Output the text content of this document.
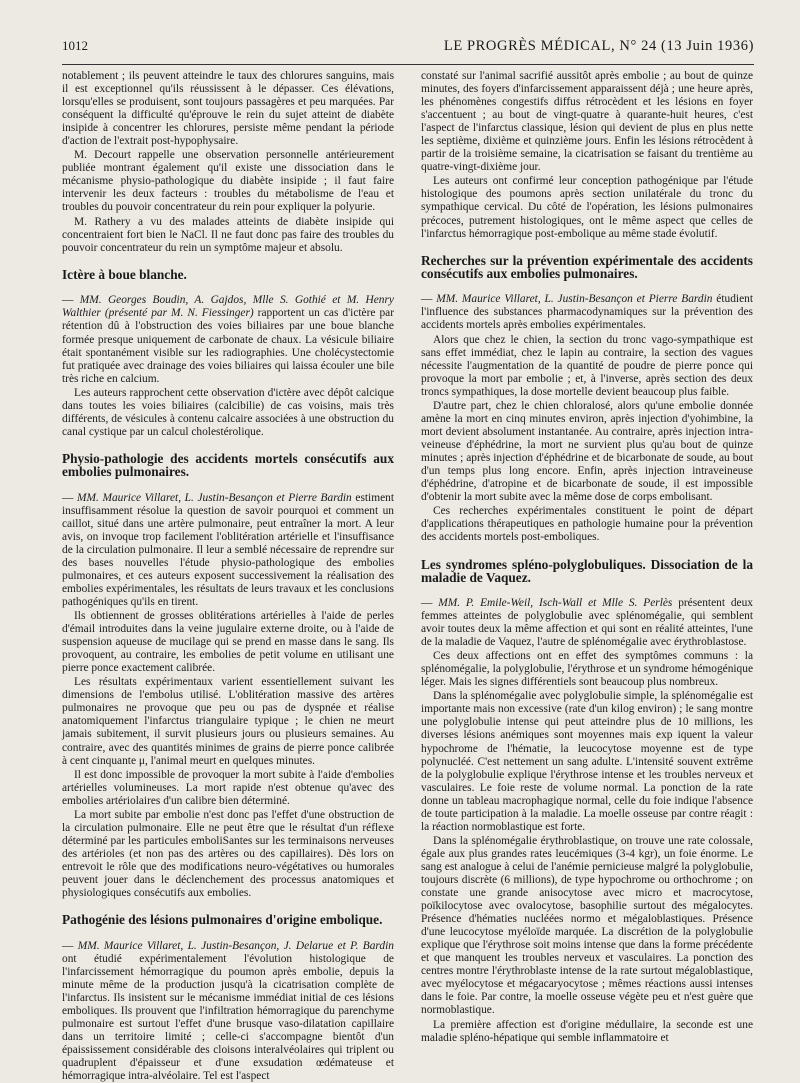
1012	LE PROGRÈS MÉDICAL, N° 24 (13 Juin 1936)

notablement ; ils peuvent atteindre le taux des chlorures sanguins, mais il est exceptionnel qu'ils réussissent à le dépasser. Ces élévations, lorsqu'elles se produisent, sont toujours passagères et peu marquées. Par conséquent la difficulté qu'éprouve le rein du sujet atteint de diabète insipide à concentrer les chlorures, persiste même pendant la période d'action de l'extrait post-hypophysaire.

M. Decourt rappelle une observation personnelle antérieurement publiée montrant également qu'il existe une dissociation dans le mécanisme physio-pathologique du diabète insipide ; il faut faire intervenir les deux facteurs : troubles du métabolisme de l'eau et troubles du pouvoir concentrateur du rein pour expliquer la polyurie.

M. Rathery a vu des malades atteints de diabète insipide qui concentraient fort bien le NaCl. Il ne faut donc pas faire des troubles du pouvoir concentrateur du rein un symptôme majeur et absolu.

Ictère à boue blanche.
— MM. Georges Boudin, A. Gajdos, Mlle S. Gothié et M. Henry Walthier (présenté par M. N. Fiessinger) rapportent un cas d'ictère par rétention dû à l'obstruction des voies biliaires par une boue blanche formée presque uniquement de carbonate de chaux. La vésicule biliaire était spontanément visible sur les radiographies. Une cholécystectomie fut pratiquée avec drainage des voies biliaires qui laissa écouler une bile très riche en calcium.

Les auteurs rapprochent cette observation d'ictère avec dépôt calcique dans toutes les voies biliaires (calcibilie) de cas voisins, mais très différents, de vésicules à contenu calcaire associées à une obstruction du canal cystique par un calcul cholestérolique.

Physio-pathologie des accidents mortels consécutifs aux embolies pulmonaires.
— MM. Maurice Villaret, L. Justin-Besançon et Pierre Bardin estiment insuffisamment résolue la question de savoir pourquoi et comment un caillot, situé dans une artère pulmonaire, peut entraîner la mort. A leur avis, on invoque trop facilement l'oblitération artérielle et l'insuffisance de la circulation pulmonaire. Il leur a semblé nécessaire de reprendre sur des bases nouvelles l'étude physio-pathologique des embolies pulmonaires, et ces auteurs exposent successivement la réalisation des embolies expérimentales, les résultats de leurs travaux et les conclusions pathogéniques qu'ils en tirent.

Ils obtiennent de grosses oblitérations artérielles à l'aide de perles d'émail introduites dans la veine jugulaire externe droite, ou à l'aide de suspension aqueuse de mucilage qui se prend en masse dans le sang. Ils provoquent, au contraire, les embolies de petit volume en utilisant une pierre ponce exactement calibrée.

Les résultats expérimentaux varient essentiellement suivant les dimensions de l'embolus utilisé. L'oblitération massive des artères pulmonaires ne provoque que peu ou pas de dyspnée et réalise anatomiquement l'infarctus triangulaire typique ; le chien ne meurt jamais subitement, il survit plusieurs jours ou plusieurs semaines. Au contraire, avec des quantités minimes de grains de pierre ponce calibrée à cent cinquante μ, l'animal meurt en quelques minutes.

Il est donc impossible de provoquer la mort subite à l'aide d'embolies artérielles volumineuses. La mort rapide n'est obtenue qu'avec des embolies artériolaires d'un calibre bien déterminé.

La mort subite par embolie n'est donc pas l'effet d'une obstruction de la circulation pulmonaire. Elle ne peut être que le résultat d'un réflexe déterminé par les particules emboliSantes sur les terminaisons nerveuses des artérioles (et non pas des artères ou des capillaires). Dès lors on entrevoit le rôle que des modifications neuro-végétatives ou humorales peuvent jouer dans le déclenchement des processus anatomiques et physiologiques consécutifs aux embolies.

Pathogénie des lésions pulmonaires d'origine embolique.
— MM. Maurice Villaret, L. Justin-Besançon, J. Delarue et P. Bardin ont étudié expérimentalement l'évolution histologique de l'infarcissement hémorragique du poumon après embolie, depuis la minute même de la production jusqu'à la cicatrisation complète de l'infarctus. Ils insistent sur le mécanisme immédiat initial de ces lésions emboliques. Ils prouvent que l'infiltration hémorragique du parenchyme pulmonaire est surtout l'effet d'une brusque vaso-dilatation capillaire dans un territoire limité ; celle-ci s'accompagne bientôt d'un épaississement considérable des cloisons interalvéolaires qui triplent ou quadruplent d'épaisseur et d'une exsudation œdémateuse et hémorragique intra-alvéolaire. Tel est l'aspect

constaté sur l'animal sacrifié aussitôt après embolie ; au bout de quinze minutes, des foyers d'infarcissement apparaissent déjà ; une heure après, les phénomènes congestifs diffus rétrocèdent et les lésions en foyer s'accentuent ; au bout de vingt-quatre à quarante-huit heures, c'est l'aspect de l'infarctus classique, lésion qui devient de plus en plus nette les septième, dixième et quinzième jours. Enfin les lésions rétrocèdent à partir de la troisième semaine, la cicatrisation se faisant du trentième au quatre-vingt-dixième jour.

Les auteurs ont confirmé leur conception pathogénique par l'étude histologique des poumons après section unilatérale du tronc du sympathique cervical. Du côté de l'opération, les lésions pulmonaires précoces, putrement histologiques, ont le même aspect que celles de l'infarctus hémorragique post-embolique au même stade évolutif.

Recherches sur la prévention expérimentale des accidents consécutifs aux embolies pulmonaires.
— MM. Maurice Villaret, L. Justin-Besançon et Pierre Bardin étudient l'influence des substances pharmacodynamiques sur la prévention des accidents mortels après embolies expérimentales.

Alors que chez le chien, la section du tronc vago-sympathique est sans effet immédiat, chez le lapin au contraire, la section des vagues nécessite l'augmentation de la quantité de poudre de pierre ponce qui provoque la mort par embolie ; et, à l'inverse, après section des deux troncs sympathiques, la dose mortelle devient beaucoup plus faible.

D'autre part, chez le chien chloralosé, alors qu'une embolie donnée amène la mort en cinq minutes environ, après injection d'yohimbine, la mort devient absolument instantanée. Au contraire, après injection intra-veineuse d'éphédrine, la mort ne survient plus qu'au bout de quinze minutes ; après injection d'éphédrine et de bicarbonate de soude, au bout d'un temps plus long encore. Enfin, après injection intraveineuse d'éphédrine, d'atropine et de bicarbonate de soude, il est impossible d'obtenir la mort subite avec la même dose de corps embolisant.

Ces recherches expérimentales constituent le point de départ d'applications thérapeutiques en pathologie humaine pour la prévention des accidents mortels post-emboliques.

Les syndromes spléno-polyglobuliques. Dissociation de la maladie de Vaquez.
— MM. P. Emile-Weil, Isch-Wall et Mlle S. Perlès présentent deux femmes atteintes de polyglobulie avec splénomégalie, qui semblent avoir toutes deux la même affection et qui sont en réalité atteintes, l'une de la maladie de Vaquez, l'autre de splénomégalie avec érythroblastose.

Ces deux affections ont en effet des symptômes communs : la splénomégalie, la polyglobulie, l'érythrose et un syndrome hémogénique léger. Mais les signes différentiels sont beaucoup plus nombreux.

Dans la splénomégalie avec polyglobulie simple, la splénomégalie est importante mais non excessive (rate d'un kilog environ) ; le sang montre une polyglobulie intense qui peut atteindre plus de 10 millions, les diverses lésions anémiques sont moyennes mais exp iquent la valeur hypochrome de l'hématie, la leucocytose moyenne est de type polynucléé. C'est nettement un sang adulte. L'intensité souvent extrême de la polyglobulie explique l'érythrose intense et les troubles nerveux et vasculaires. Le foie reste de volume normal. La ponction de la rate donne un tableau macrophagique normal, celle du foie indique l'absence de toute participation à la maladie. La moelle osseuse par contre réagit : la réaction normoblastique est forte.

Dans la splénomégalie érythroblastique, on trouve une rate colossale, égale aux plus grandes rates leucémiques (3-4 kgr), un foie énorme. Le sang est analogue à celui de l'anémie pernicieuse malgré la polyglobulie, toujours discrète (6 millions), de type hypochrome ou orthochrome ; on constate une grande anisocytose avec micro et macrocytose, poïkilocytose avec ovalocytose, basophilie surtout des mégalocytes. Présence d'hématies nucléées normo et mégaloblastiques. Présence d'une leucocytose myéloïde marquée. La discrétion de la polyglobulie explique que l'érythrose soit moins intense que dans la forme précédente et que manquent les troubles nerveux et vasculaires. La ponction des centres montre l'érythroblaste intense de la rate surtout mégaloblastique, avec myélocytose et mégacaryocytose ; mêmes réactions aussi intenses dans le foie. Par contre, la moelle osseuse végète peu et n'est guère que normoblastique.

La première affection est d'origine médullaire, la seconde est une maladie spléno-hépatique qui semble inflammatoire et
